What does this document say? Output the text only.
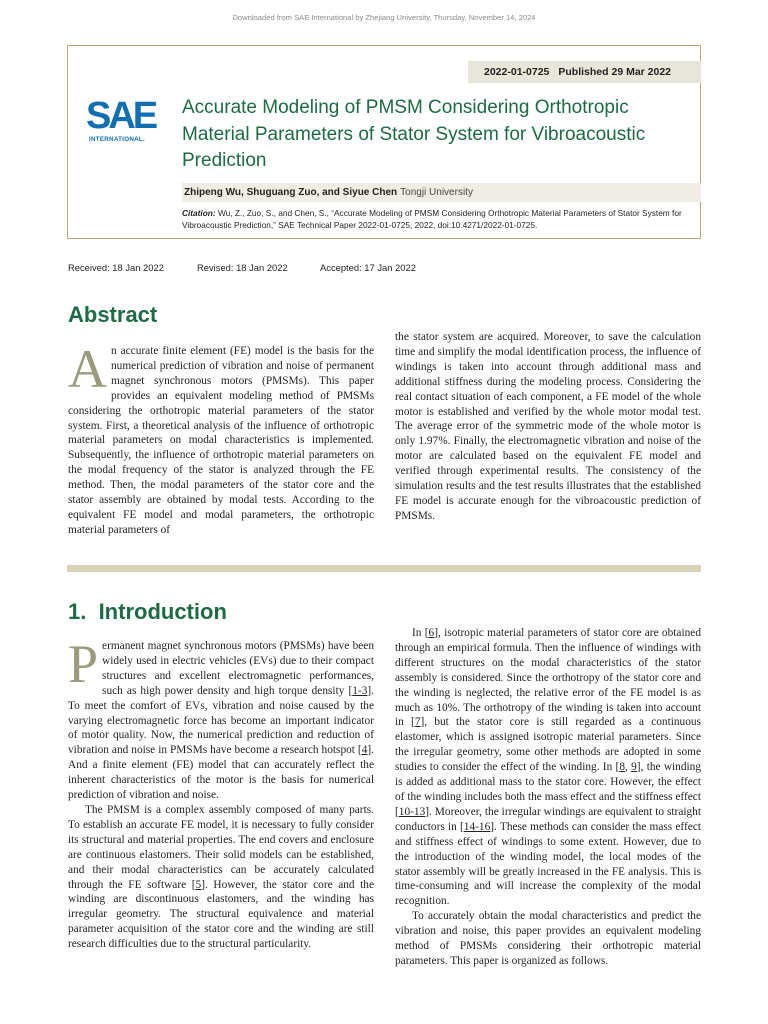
Downloaded from SAE International by Zhejiang University, Thursday, November 14, 2024
2022-01-0725 Published 29 Mar 2022
SAE
INTERNATIONAL.
Accurate Modeling of PMSM Considering Orthotropic Material Parameters of Stator System for Vibroacoustic Prediction
Zhipeng Wu, Shuguang Zuo, and Siyue Chen Tongji University
Citation: Wu, Z., Zuo, S., and Chen, S., “Accurate Modeling of PMSM Considering Orthotropic Material Parameters of Stator System for Vibroacoustic Prediction,” SAE Technical Paper 2022-01-0725, 2022, doi:10.4271/2022-01-0725.
Received: 18 Jan 2022	Revised: 18 Jan 2022	Accepted: 17 Jan 2022
Abstract

An accurate finite element (FE) model is the basis for the numerical prediction of vibration and noise of permanent magnet synchronous motors (PMSMs). This paper provides an equivalent modeling method of PMSMs considering the orthotropic material parameters of the stator system. First, a theoretical analysis of the influence of orthotropic material parameters on modal characteristics is implemented. Subsequently, the influence of orthotropic material parameters on the modal frequency of the stator is analyzed through the FE method. Then, the modal parameters of the stator core and the stator assembly are obtained by modal tests. According to the equivalent FE model and modal parameters, the orthotropic material parameters of

the stator system are acquired. Moreover, to save the calculation time and simplify the modal identification process, the influence of windings is taken into account through additional mass and additional stiffness during the modeling process. Considering the real contact situation of each component, a FE model of the whole motor is established and verified by the whole motor modal test. The average error of the symmetric mode of the whole motor is only 1.97%. Finally, the electromagnetic vibration and noise of the motor are calculated based on the equivalent FE model and verified through experimental results. The consistency of the simulation results and the test results illustrates that the established FE model is accurate enough for the vibroacoustic prediction of PMSMs.

1.  Introduction

Permanent magnet synchronous motors (PMSMs) have been widely used in electric vehicles (EVs) due to their compact structures and excellent electromagnetic performances, such as high power density and high torque density [1-3]. To meet the comfort of EVs, vibration and noise caused by the varying electromagnetic force has become an important indicator of motor quality. Now, the numerical prediction and reduction of vibration and noise in PMSMs have become a research hotspot [4]. And a finite element (FE) model that can accurately reflect the inherent characteristics of the motor is the basis for numerical prediction of vibration and noise.

The PMSM is a complex assembly composed of many parts. To establish an accurate FE model, it is necessary to fully consider its structural and material properties. The end covers and enclosure are continuous elastomers. Their solid models can be established, and their modal characteristics can be accurately calculated through the FE software [5]. However, the stator core and the winding are discontinuous elastomers, and the winding has irregular geometry. The structural equivalence and material parameter acquisition of the stator core and the winding are still research difficulties due to the structural particularity.

In [6], isotropic material parameters of stator core are obtained through an empirical formula. Then the influence of windings with different structures on the modal characteristics of the stator assembly is considered. Since the orthotropy of the stator core and the winding is neglected, the relative error of the FE model is as much as 10%. The orthotropy of the winding is taken into account in [7], but the stator core is still regarded as a continuous elastomer, which is assigned isotropic material parameters. Since the irregular geometry, some other methods are adopted in some studies to consider the effect of the winding. In [8, 9], the winding is added as additional mass to the stator core. However, the effect of the winding includes both the mass effect and the stiffness effect [10-13]. Moreover, the irregular windings are equivalent to straight conductors in [14-16]. These methods can consider the mass effect and stiffness effect of windings to some extent. However, due to the introduction of the winding model, the local modes of the stator assembly will be greatly increased in the FE analysis. This is time-consuming and will increase the complexity of the modal recognition.

To accurately obtain the modal characteristics and predict the vibration and noise, this paper provides an equivalent modeling method of PMSMs considering their orthotropic material parameters. This paper is organized as follows.
